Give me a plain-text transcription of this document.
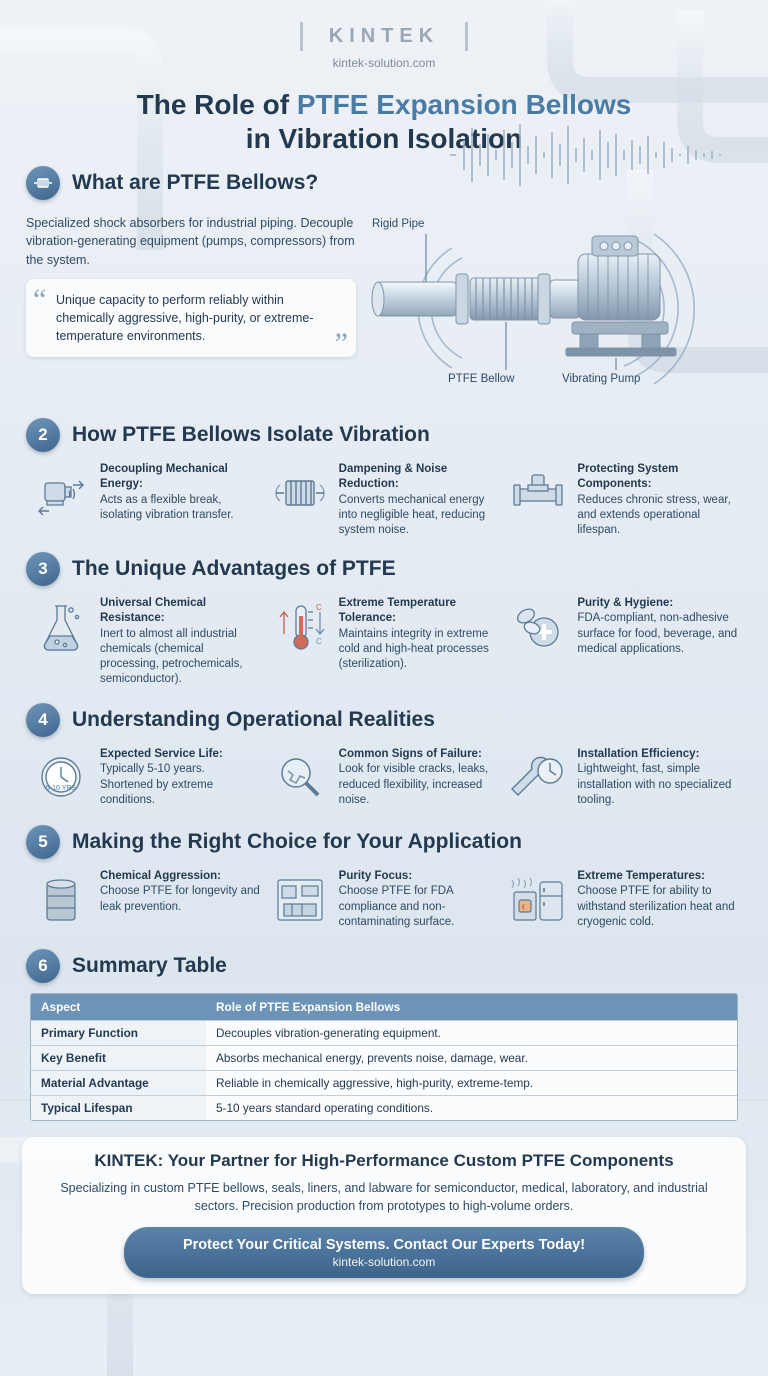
KINTEK
kintek-solution.com
The Role of PTFE Expansion Bellows
in Vibration Isolation
What are PTFE Bellows?

Specialized shock absorbers for industrial piping. Decouple vibration-generating equipment (pumps, compressors) from the system.

“ Unique capacity to perform reliably within chemically aggressive, high-purity, or extreme-temperature environments.	”
Rigid Pipe
PTFE Bellow	Vibrating Pump
2	How PTFE Bellows Isolate Vibration
Decoupling Mechanical Energy:
Acts as a flexible break, isolating vibration transfer.
Dampening & Noise Reduction:
Converts mechanical energy into negligible heat, reducing system noise.
Protecting System Components:
Reduces chronic stress, wear, and extends operational lifespan.
3	The Unique Advantages of PTFE
Universal Chemical Resistance:
Inert to almost all industrial chemicals (chemical processing, petrochemicals, semiconductor).
C
C
Extreme Temperature Tolerance:
Maintains integrity in extreme cold and high-heat processes (sterilization).
Purity & Hygiene:
FDA-compliant, non-adhesive surface for food, beverage, and medical applications.
4	Understanding Operational Realities
5-10 YRS
Expected Service Life:
Typically 5-10 years. Shortened by extreme conditions.
Common Signs of Failure:
Look for visible cracks, leaks, reduced flexibility, increased noise.
Installation Efficiency:
Lightweight, fast, simple installation with no specialized tooling.
5	Making the Right Choice for Your Application
Chemical Aggression:
Choose PTFE for longevity and leak prevention.
Purity Focus:
Choose PTFE for FDA compliance and non-contaminating surface.
Extreme Temperatures:
Choose PTFE for ability to withstand sterilization heat and cryogenic cold.
6	Summary Table
Aspect	Role of PTFE Expansion Bellows
Primary Function	Decouples vibration-generating equipment.
Key Benefit	Absorbs mechanical energy, prevents noise, damage, wear.
Material Advantage	Reliable in chemically aggressive, high-purity, extreme-temp.
Typical Lifespan	5-10 years standard operating conditions.
KINTEK: Your Partner for High-Performance Custom PTFE Components

Specializing in custom PTFE bellows, seals, liners, and labware for semiconductor, medical, laboratory, and industrial sectors. Precision production from prototypes to high-volume orders.

Protect Your Critical Systems. Contact Our Experts Today!
kintek-solution.com
